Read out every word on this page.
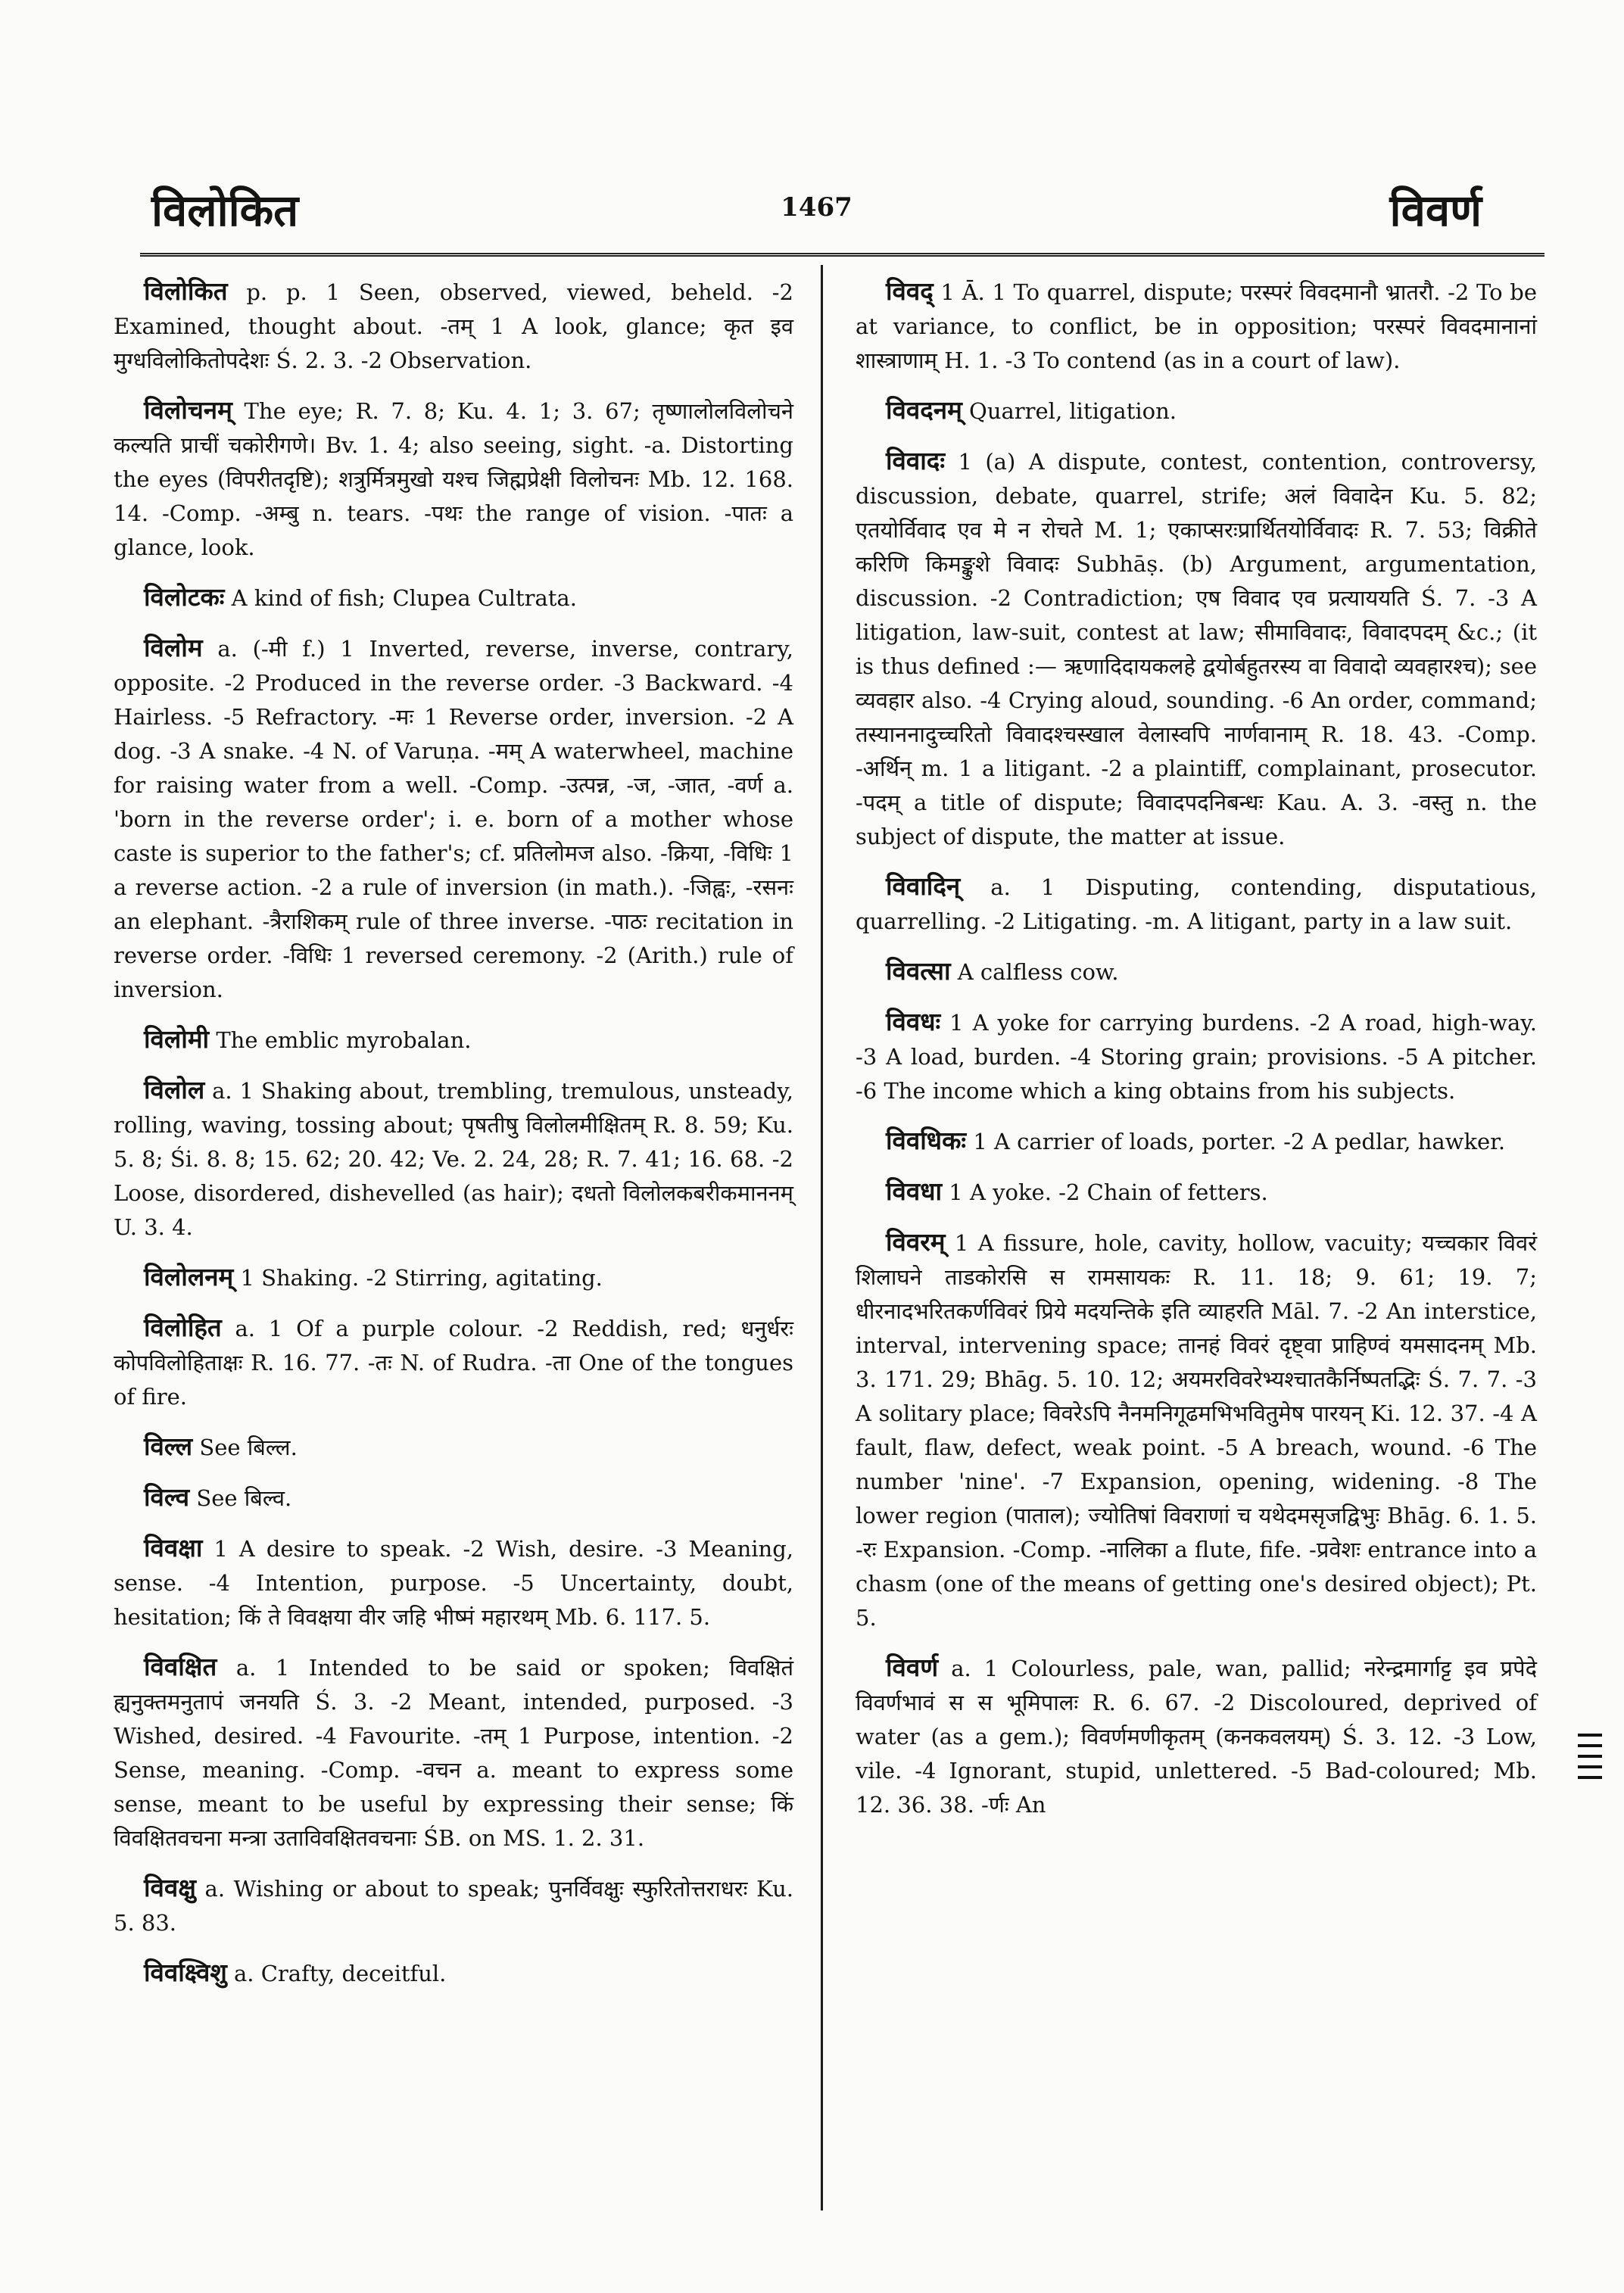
विलोकित	1467	विवर्ण

विलोकित p. p. 1 Seen, observed, viewed, beheld. -2 Examined, thought about. -तम् 1 A look, glance; कृत इव मुग्धविलोकितोपदेशः Ś. 2. 3. -2 Observation.

विलोचनम् The eye; R. 7. 8; Ku. 4. 1; 3. 67; तृष्णालोलविलोचने कल्यति प्राचीं चकोरीगणे। Bv. 1. 4; also seeing, sight. -a. Distorting the eyes (विपरीतदृष्टि); शत्रुर्मित्रमुखो यश्च जिह्मप्रेक्षी विलोचनः Mb. 12. 168. 14. -Comp. -अम्बु n. tears. -पथः the range of vision. -पातः a glance, look.

विलोटकः A kind of fish; Clupea Cultrata.

विलोम a. (-मी f.) 1 Inverted, reverse, inverse, contrary, opposite. -2 Produced in the reverse order. -3 Backward. -4 Hairless. -5 Refractory. -मः 1 Reverse order, inversion. -2 A dog. -3 A snake. -4 N. of Varuṇa. -मम् A waterwheel, machine for raising water from a well. -Comp. -उत्पन्न, -ज, -जात, -वर्ण a. 'born in the reverse order'; i. e. born of a mother whose caste is superior to the father's; cf. प्रतिलोमज also. -क्रिया, -विधिः 1 a reverse action. -2 a rule of inversion (in math.). -जिह्वः, -रसनः an elephant. -त्रैराशिकम् rule of three inverse. -पाठः recitation in reverse order. -विधिः 1 reversed ceremony. -2 (Arith.) rule of inversion.

विलोमी The emblic myrobalan.

विलोल a. 1 Shaking about, trembling, tremulous, unsteady, rolling, waving, tossing about; पृषतीषु विलोलमीक्षितम् R. 8. 59; Ku. 5. 8; Śi. 8. 8; 15. 62; 20. 42; Ve. 2. 24, 28; R. 7. 41; 16. 68. -2 Loose, disordered, dishevelled (as hair); दधतो विलोलकबरीकमाननम् U. 3. 4.

विलोलनम् 1 Shaking. -2 Stirring, agitating.

विलोहित a. 1 Of a purple colour. -2 Reddish, red; धनुर्धरः कोपविलोहिताक्षः R. 16. 77. -तः N. of Rudra. -ता One of the tongues of fire.

विल्ल See बिल्ल.

विल्व See बिल्व.

विवक्षा 1 A desire to speak. -2 Wish, desire. -3 Meaning, sense. -4 Intention, purpose. -5 Uncertainty, doubt, hesitation; किं ते विवक्षया वीर जहि भीष्मं महारथम् Mb. 6. 117. 5.

विवक्षित a. 1 Intended to be said or spoken; विवक्षितं ह्यनुक्तमनुतापं जनयति Ś. 3. -2 Meant, intended, purposed. -3 Wished, desired. -4 Favourite. -तम् 1 Purpose, intention. -2 Sense, meaning. -Comp. -वचन a. meant to express some sense, meant to be useful by expressing their sense; किं विवक्षितवचना मन्त्रा उताविवक्षितवचनाः ŚB. on MS. 1. 2. 31.

विवक्षु a. Wishing or about to speak; पुनर्विवक्षुः स्फुरितोत्तराधरः Ku. 5. 83.

विवक्ष्विशु a. Crafty, deceitful.

विवद् 1 Ā. 1 To quarrel, dispute; परस्परं विवदमानौ भ्रातरौ. -2 To be at variance, to conflict, be in opposition; परस्परं विवदमानानां शास्त्राणाम् H. 1. -3 To contend (as in a court of law).

विवदनम् Quarrel, litigation.

विवादः 1 (a) A dispute, contest, contention, controversy, discussion, debate, quarrel, strife; अलं विवादेन Ku. 5. 82; एतयोर्विवाद एव मे न रोचते M. 1; एकाप्सरःप्रार्थितयोर्विवादः R. 7. 53; विक्रीते करिणि किमङ्कुशे विवादः Subhāṣ. (b) Argument, argumentation, discussion. -2 Contradiction; एष विवाद एव प्रत्याययति Ś. 7. -3 A litigation, law-suit, contest at law; सीमाविवादः, विवादपदम् &c.; (it is thus defined :— ऋणादिदायकलहे द्वयोर्बहुतरस्य वा विवादो व्यवहारश्च); see व्यवहार also. -4 Crying aloud, sounding. -6 An order, command; तस्याननादुच्चरितो विवादश्चस्खाल वेलास्वपि नार्णवानाम् R. 18. 43. -Comp. -अर्थिन् m. 1 a litigant. -2 a plaintiff, complainant, prosecutor. -पदम् a title of dispute; विवादपदनिबन्धः Kau. A. 3. -वस्तु n. the subject of dispute, the matter at issue.

विवादिन् a. 1 Disputing, contending, disputatious, quarrelling. -2 Litigating. -m. A litigant, party in a law suit.

विवत्सा A calfless cow.

विवधः 1 A yoke for carrying burdens. -2 A road, high-way. -3 A load, burden. -4 Storing grain; provisions. -5 A pitcher. -6 The income which a king obtains from his subjects.

विवधिकः 1 A carrier of loads, porter. -2 A pedlar, hawker.

विवधा 1 A yoke. -2 Chain of fetters.

विवरम् 1 A fissure, hole, cavity, hollow, vacuity; यच्चकार विवरं शिलाघने ताडकोरसि स रामसायकः R. 11. 18; 9. 61; 19. 7; धीरनादभरितकर्णविवरं प्रिये मदयन्तिके इति व्याहरति Māl. 7. -2 An interstice, interval, intervening space; तानहं विवरं दृष्ट्वा प्राहिण्वं यमसादनम् Mb. 3. 171. 29; Bhāg. 5. 10. 12; अयमरविवरेभ्यश्चातकैर्निष्पतद्भिः Ś. 7. 7. -3 A solitary place; विवरेऽपि नैनमनिगूढमभिभवितुमेष पारयन् Ki. 12. 37. -4 A fault, flaw, defect, weak point. -5 A breach, wound. -6 The number 'nine'. -7 Expansion, opening, widening. -8 The lower region (पाताल); ज्योतिषां विवराणां च यथेदमसृजद्विभुः Bhāg. 6. 1. 5. -रः Expansion. -Comp. -नालिका a flute, fife. -प्रवेशः entrance into a chasm (one of the means of getting one's desired object); Pt. 5.

विवर्ण a. 1 Colourless, pale, wan, pallid; नरेन्द्रमार्गाट्ट इव प्रपेदे विवर्णभावं स स भूमिपालः R. 6. 67. -2 Discoloured, deprived of water (as a gem.); विवर्णमणीकृतम् (कनकवलयम्) Ś. 3. 12. -3 Low, vile. -4 Ignorant, stupid, unlettered. -5 Bad-coloured; Mb. 12. 36. 38. -र्णः An
